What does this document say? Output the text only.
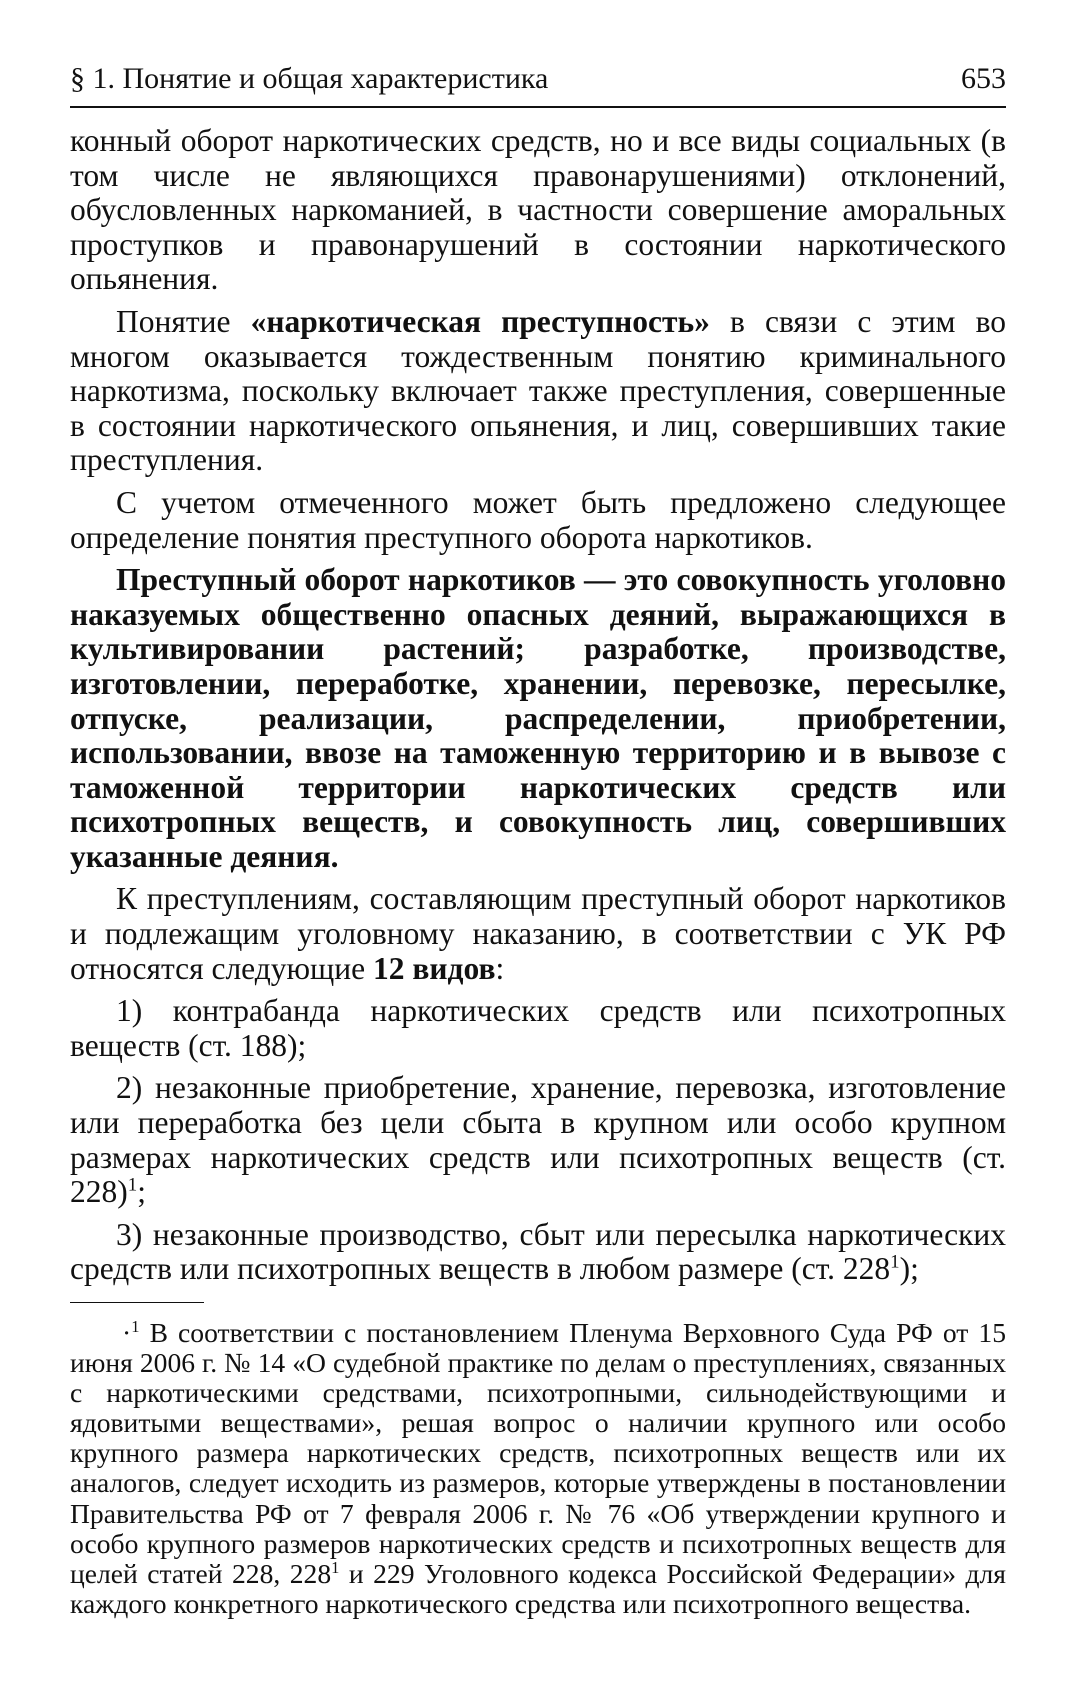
§ 1. Понятие и общая характеристика	653

конный оборот наркотических средств, но и все виды социальных (в том числе не являющихся правонарушениями) отклонений, обусловленных наркоманией, в частности совершение аморальных проступков и правонарушений в состоянии наркотического опьянения.

Понятие «наркотическая преступность» в связи с этим во многом оказывается тождественным понятию криминального наркотизма, поскольку включает также преступления, совершенные в состоянии наркотического опьянения, и лиц, совершивших такие преступления.

С учетом отмеченного может быть предложено следующее определение понятия преступного оборота наркотиков.

Преступный оборот наркотиков — это совокупность уголовно наказуемых общественно опасных деяний, выражающихся в культивировании растений; разработке, производстве, изготовлении, переработке, хранении, перевозке, пересылке, отпуске, реализации, распределении, приобретении, использовании, ввозе на таможенную территорию и в вывозе с таможенной территории наркотических средств или психотропных веществ, и совокупность лиц, совершивших указанные деяния.

К преступлениям, составляющим преступный оборот наркотиков и подлежащим уголовному наказанию, в соответствии с УК РФ относятся следующие 12 видов:

1) контрабанда наркотических средств или психотропных веществ (ст. 188);

2) незаконные приобретение, хранение, перевозка, изготовление или переработка без цели сбыта в крупном или особо крупном размерах наркотических средств или психотропных веществ (ст. 228)$^1$;

3) незаконные производство, сбыт или пересылка наркотических средств или психотропных веществ в любом размере (ст. $228^1$);

·$^1$ В соответствии с постановлением Пленума Верховного Суда РФ от 15 июня 2006 г. № 14 «О судебной практике по делам о преступлениях, связанных с наркотическими средствами, психотропными, сильнодействующими и ядовитыми веществами», решая вопрос о наличии крупного или особо крупного размера наркотических средств, психотропных веществ или их аналогов, следует исходить из размеров, которые утверждены в постановлении Правительства РФ от 7 февраля 2006 г. № 76 «Об утверждении крупного и особо крупного размеров наркотических средств и психотропных веществ для целей статей 228, $228^1$ и 229 Уголовного кодекса Российской Федерации» для каждого конкретного наркотического средства или психотропного вещества.
